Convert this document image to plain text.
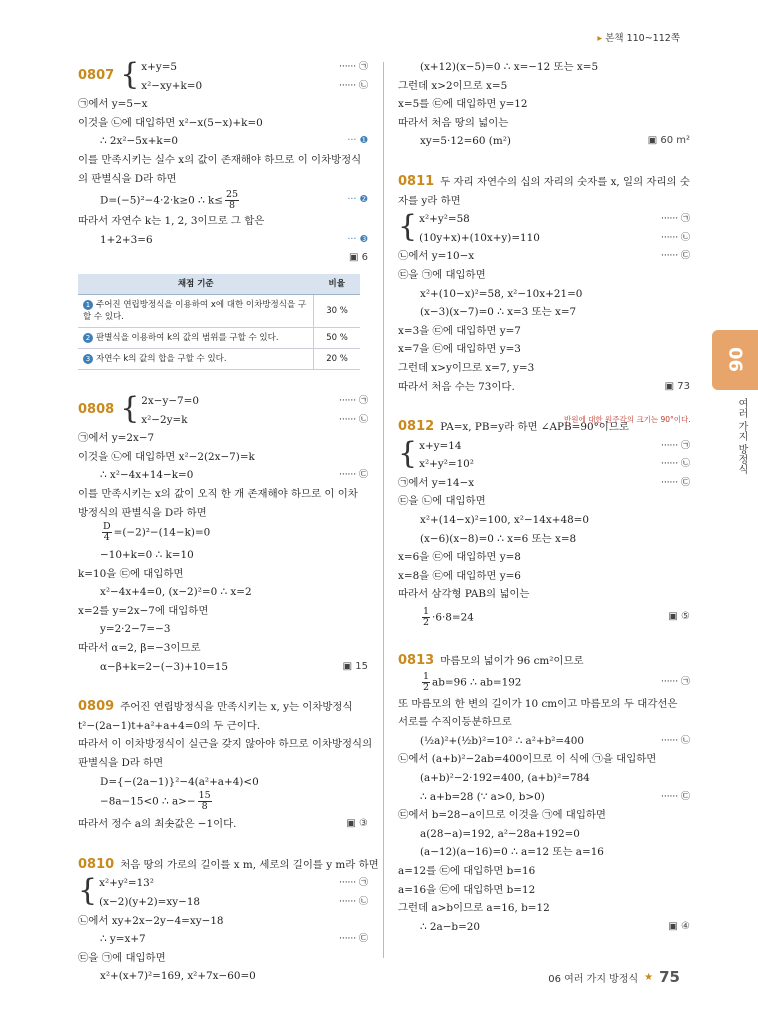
▸ 본책 110~112쪽
0807 { x+y=5	······ ㉠
x²−xy+k=0	······ ㉡
㉠에서 y=5−x
이것을 ㉡에 대입하면 x²−x(5−x)+k=0
∴ 2x²−5x+k=0	··· ❶
이를 만족시키는 실수 x의 값이 존재해야 하므로 이 이차방정식
의 판별식을 D라 하면
D=(−5)²−4·2·k≥0 ∴ $k\le \frac{25}{8}$	··· ❷
따라서 자연수 k는 1, 2, 3이므로 그 합은
1+2+3=6	··· ❸
▣ 6
채점 기준	비율
1 주어진 연립방정식을 이용하여 x에 대한 이차방정식을 구할 수 있다.	30 %
2 판별식을 이용하여 k의 값의 범위를 구할 수 있다.	50 %
3 자연수 k의 값의 합을 구할 수 있다.	20 %
0808 { 2x−y−7=0	······ ㉠
x²−2y=k	······ ㉡
㉠에서 y=2x−7
이것을 ㉡에 대입하면 x²−2(2x−7)=k
∴ x²−4x+14−k=0	······ ㉢
이를 만족시키는 x의 값이 오직 한 개 존재해야 하므로 이 이차
방정식의 판별식을 D라 하면
$\frac{D}{4} =(-2)^2-(14-k)=0$
−10+k=0 ∴ k=10
k=10을 ㉢에 대입하면
x²−4x+4=0, (x−2)²=0 ∴ x=2
x=2를 y=2x−7에 대입하면
y=2·2−7=−3
따라서 α=2, β=−3이므로
α−β+k=2−(−3)+10=15	▣ 15
0809 주어진 연립방정식을 만족시키는 x, y는 이차방정식
t²−(2a−1)t+a²+a+4=0의 두 근이다.
따라서 이 이차방정식이 실근을 갖지 않아야 하므로 이차방정식의
판별식을 D라 하면
D={−(2a−1)}²−4(a²+a+4)<0
−8a−15<0 ∴ $a>- \frac{15}{8}$
따라서 정수 a의 최솟값은 −1이다.	▣ ③
0810 처음 땅의 가로의 길이를 x m, 세로의 길이를 y m라 하면
{ x²+y²=13²	······ ㉠
(x−2)(y+2)=xy−18	······ ㉡
㉡에서 xy+2x−2y−4=xy−18
∴ y=x+7	······ ㉢
㉢을 ㉠에 대입하면
x²+(x+7)²=169, x²+7x−60=0
(x+12)(x−5)=0 ∴ x=−12 또는 x=5
그런데 x>2이므로 x=5
x=5를 ㉢에 대입하면 y=12
따라서 처음 땅의 넓이는
xy=5·12=60 (m²)	▣ 60 m²
0811 두 자리 자연수의 십의 자리의 숫자를 x, 일의 자리의 숫
자를 y라 하면
{ x²+y²=58	······ ㉠
(10y+x)+(10x+y)=110	······ ㉡
㉡에서 y=10−x	······ ㉢
㉢을 ㉠에 대입하면
x²+(10−x)²=58, x²−10x+21=0
(x−3)(x−7)=0 ∴ x=3 또는 x=7
x=3을 ㉢에 대입하면 y=7
x=7을 ㉢에 대입하면 y=3
그런데 x>y이므로 x=7, y=3
따라서 처음 수는 73이다.	▣ 73
0812 PA=x, PB=y라 하면 ∠APB=90°이므로
{ x+y=14	······ ㉠
x²+y²=10²	······ ㉡
㉠에서 y=14−x	······ ㉢
㉢을 ㉡에 대입하면
x²+(14−x)²=100, x²−14x+48=0
(x−6)(x−8)=0 ∴ x=6 또는 x=8
x=6을 ㉢에 대입하면 y=8
x=8을 ㉢에 대입하면 y=6
따라서 삼각형 PAB의 넓이는
$\frac{1}{2} \cdot 6\cdot 8=24$	▣ ⑤
0813 마름모의 넓이가 96 cm²이므로
$\frac{1}{2} ab=96$ ∴ ab=192	······ ㉠
또 마름모의 한 변의 길이가 10 cm이고 마름모의 두 대각선은
서로를 수직이등분하므로
(½a)²+(½b)²=10² ∴ a²+b²=400	······ ㉡
㉡에서 (a+b)²−2ab=400이므로 이 식에 ㉠을 대입하면
(a+b)²−2·192=400, (a+b)²=784
∴ a+b=28 (∵ a>0, b>0)	······ ㉢
㉢에서 b=28−a이므로 이것을 ㉠에 대입하면
a(28−a)=192, a²−28a+192=0
(a−12)(a−16)=0 ∴ a=12 또는 a=16
a=12를 ㉢에 대입하면 b=16
a=16을 ㉢에 대입하면 b=12
그런데 a>b이므로 a=16, b=12
∴ 2a−b=20	▣ ④
반원에 대한 원주각의 크기는 90°이다.
06
여러 가지 방정식
06 여러 가지 방정식 ★ 75
